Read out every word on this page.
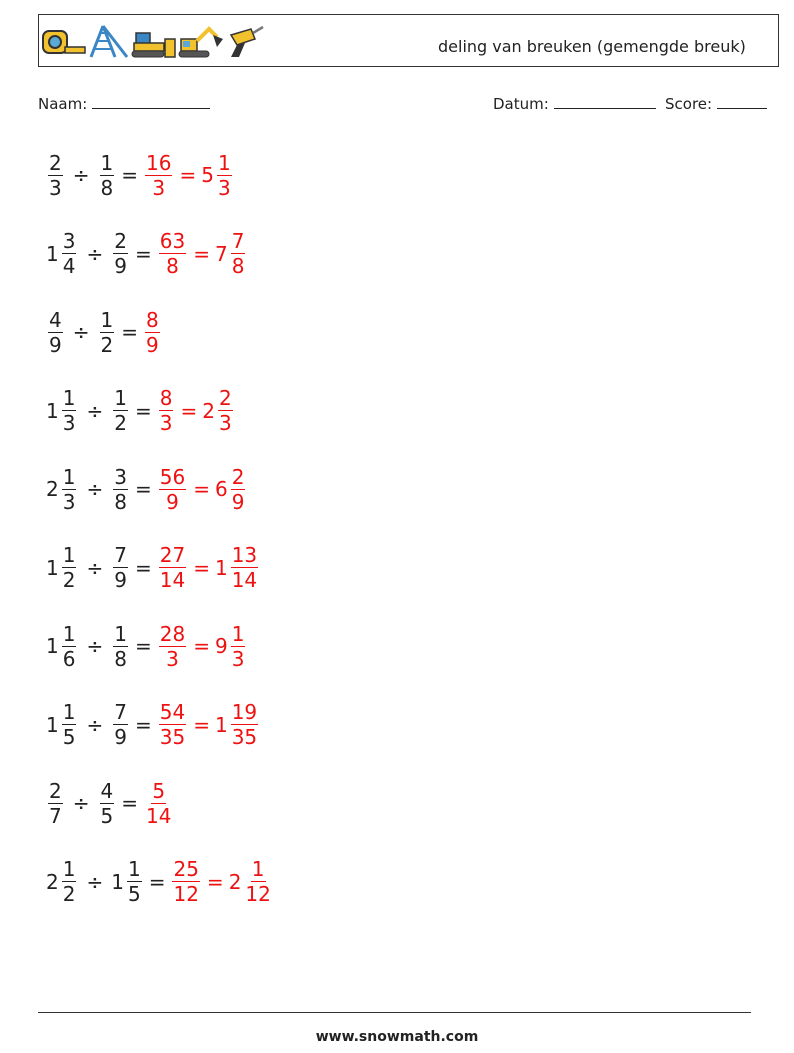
deling van breuken (gemengde breuk)
Naam:	Datum:	Score:
$\frac{2}{3} \div \frac{1}{8} = \frac{16}{3} = 5 \frac{1}{3}$
$1 \frac{3}{4} \div \frac{2}{9} = \frac{63}{8} = 7 \frac{7}{8}$
$\frac{4}{9} \div \frac{1}{2} = \frac{8}{9}$
$1 \frac{1}{3} \div \frac{1}{2} = \frac{8}{3} = 2 \frac{2}{3}$
$2 \frac{1}{3} \div \frac{3}{8} = \frac{56}{9} = 6 \frac{2}{9}$
$1 \frac{1}{2} \div \frac{7}{9} = \frac{27}{14} = 1 \frac{13}{14}$
$1 \frac{1}{6} \div \frac{1}{8} = \frac{28}{3} = 9 \frac{1}{3}$
$1 \frac{1}{5} \div \frac{7}{9} = \frac{54}{35} = 1 \frac{19}{35}$
$\frac{2}{7} \div \frac{4}{5} = \frac{5}{14}$
$2 \frac{1}{2} \div 1 \frac{1}{5} = \frac{25}{12} = 2 \frac{1}{12}$
www.snowmath.com
